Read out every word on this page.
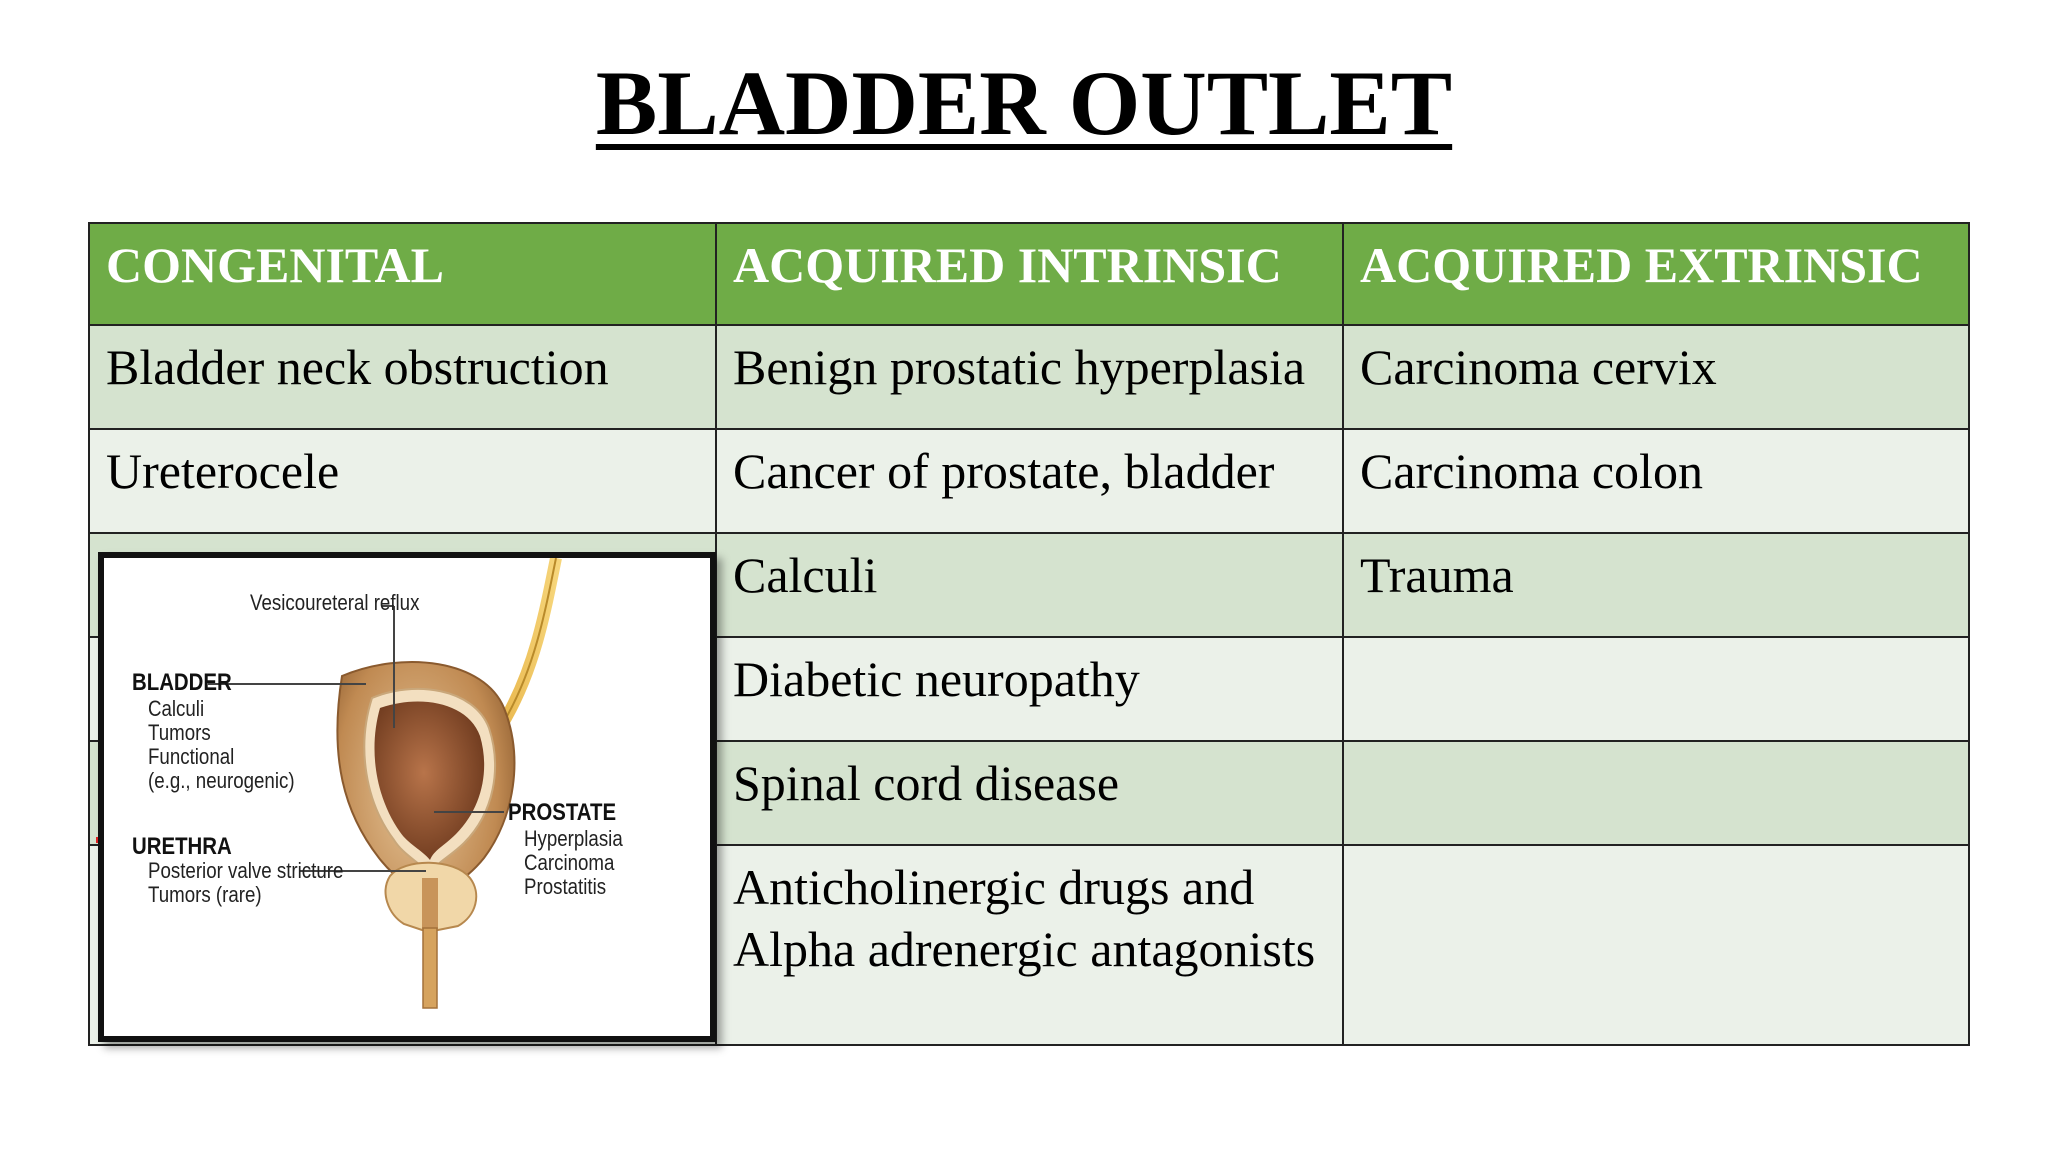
BLADDER OUTLET
CONGENITAL	ACQUIRED INTRINSIC	ACQUIRED EXTRINSIC
Bladder neck obstruction	Benign prostatic hyperplasia	Carcinoma cervix
Ureterocele	Cancer of prostate, bladder	Carcinoma colon
	Calculi	Trauma
	Diabetic neuropathy	
	Spinal cord disease	
	Anticholinergic drugs and Alpha adrenergic antagonists	
Vesicoureteral reflux
BLADDER
Calculi
Tumors
Functional
(e.g., neurogenic)
URETHRA
Posterior valve stricture
Tumors (rare)
PROSTATE
Hyperplasia
Carcinoma
Prostatitis
